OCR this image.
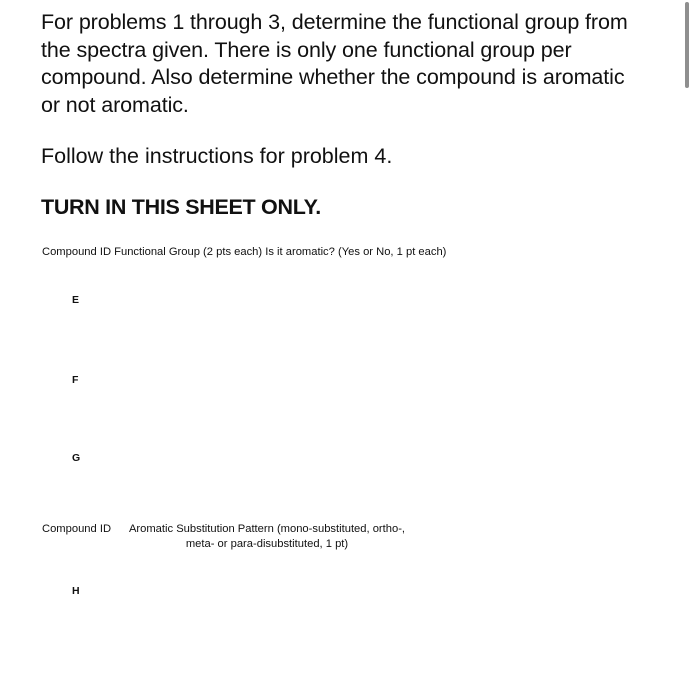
For problems 1 through 3, determine the functional group from the spectra given. There is only one functional group per compound. Also determine whether the compound is aromatic or not aromatic.

Follow the instructions for problem 4.

TURN IN THIS SHEET ONLY.

Compound ID Functional Group (2 pts each) Is it aromatic? (Yes or No, 1 pt each)
E
F
G
Compound ID	Aromatic Substitution Pattern (mono-substituted, ortho-, meta- or para-disubstituted, 1 pt)
H
